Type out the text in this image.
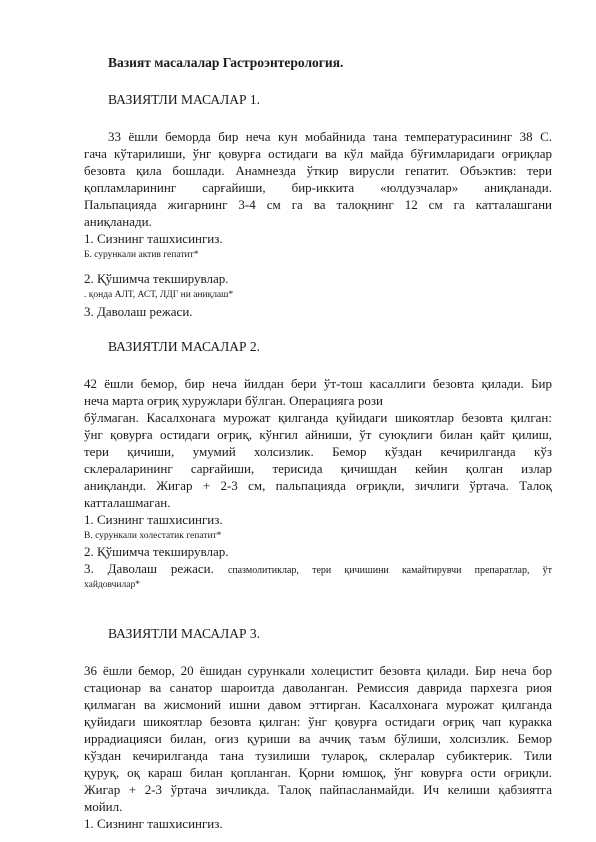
Вазият масалалар Гастроэнтерология.
ВАЗИЯТЛИ МАСАЛАР 1.
33 ёшли беморда бир неча кун мобайнида тана температурасининг 38 С.
гача кўтарилиши, ўнг қовурға остидаги ва кўл майда бўғимларидаги оғриқлар
безовта қила бошлади. Анамнезда ўткир вирусли гепатит. Объэктив: тери
қопламларининг сарғайиши, бир-иккита «юлдузчалар» аниқланади.
Пальпацияда жигарнинг 3-4 см га ва талоқнинг 12 см га катталашгани
аниқланади.
1. Сизнинг ташхисингиз.
Б. сурункали актив гепатит*
2. Қўшимча текширувлар.
. қонда АЛТ, АСТ, ЛДГ ни аниқлаш*
3. Даволаш режаси.
ВАЗИЯТЛИ МАСАЛАР 2.
42 ёшли бемор, бир неча йилдан бери ўт-тош касаллиги безовта қилади. Бир
неча марта оғриқ хуружлари бўлган. Операцияга рози
бўлмаган. Касалхонага мурожат қилганда қуйидаги шикоятлар безовта қилган:
ўнг қовурға остидаги оғриқ, кўнгил айниши, ўт суюқлиги билан қайт қилиш,
тери қичиши, умумий холсизлик. Бемор кўздан кечирилганда кўз
склераларининг сарғайиши, терисида қичишдан кейин қолган излар
аниқланди. Жигар + 2-3 см, пальпацияда оғриқли, зичлиги ўртача. Талоқ
катталашмаган.
1. Сизнинг ташхисингиз.
В. сурункали холестатик гепатит*
2. Қўшимча текширувлар.
3. Даволаш режаси. спазмолитиклар, тери қичишини камайтирувчи препаратлар, ўт
хайдовчилар*
ВАЗИЯТЛИ МАСАЛАР 3.
36 ёшли бемор, 20 ёшидан сурункали холецистит безовта қилади. Бир неча бор
стационар ва санатор шароитда даволанган. Ремиссия даврида пархезга риоя
қилмаган ва жисмоний ишни давом эттирган. Касалхонага мурожат қилганда
қуйидаги шикоятлар безовта қилган: ўнг қовурға остидаги оғриқ чап куракка
иррадиацияси билан, оғиз қуриши ва аччиқ таъм бўлиши, холсизлик. Бемор
кўздан кечирилганда тана тузилиши тулароқ, склералар субиктерик. Тили
қуруқ, оқ караш билан қопланган. Қорни юмшоқ, ўнг ковурға ости оғриқли.
Жигар + 2-3 ўртача зичликда. Талоқ пайпасланмайди. Ич келиши қабзиятга
мойил.
1. Сизнинг ташхисингиз.
